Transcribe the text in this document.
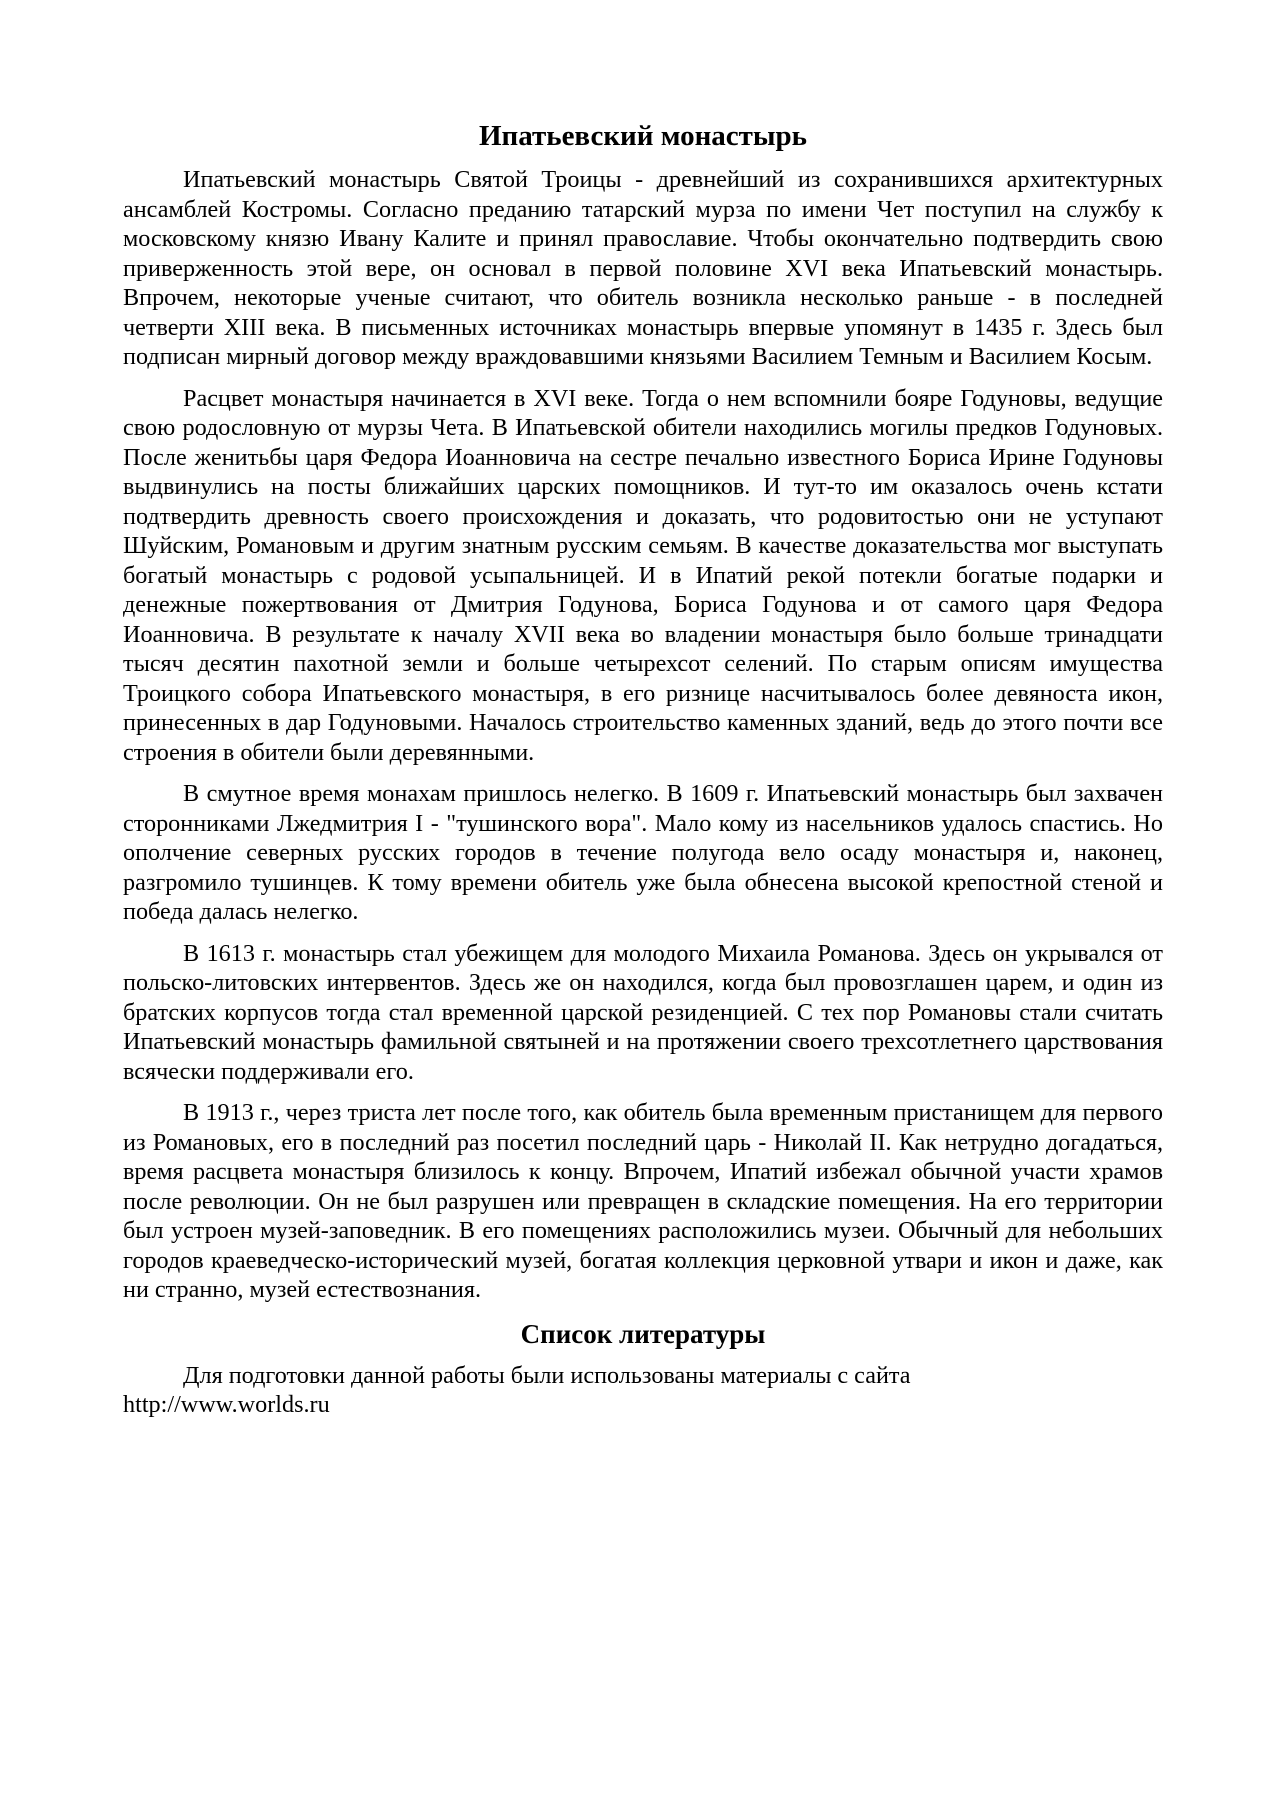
Ипатьевский монастырь

Ипатьевский монастырь Святой Троицы - древнейший из сохранившихся архитектурных ансамблей Костромы. Согласно преданию татарский мурза по имени Чет поступил на службу к московскому князю Ивану Калите и принял православие. Чтобы окончательно подтвердить свою приверженность этой вере, он основал в первой половине XVI века Ипатьевский монастырь. Впрочем, некоторые ученые считают, что обитель возникла несколько раньше - в последней четверти XIII века. В письменных источниках монастырь впервые упомянут в 1435 г. Здесь был подписан мирный договор между враждовавшими князьями Василием Темным и Василием Косым.

Расцвет монастыря начинается в XVI веке. Тогда о нем вспомнили бояре Годуновы, ведущие свою родословную от мурзы Чета. В Ипатьевской обители находились могилы предков Годуновых. После женитьбы царя Федора Иоанновича на сестре печально известного Бориса Ирине Годуновы выдвинулись на посты ближайших царских помощников. И тут-то им оказалось очень кстати подтвердить древность своего происхождения и доказать, что родовитостью они не уступают Шуйским, Романовым и другим знатным русским семьям. В качестве доказательства мог выступать богатый монастырь с родовой усыпальницей. И в Ипатий рекой потекли богатые подарки и денежные пожертвования от Дмитрия Годунова, Бориса Годунова и от самого царя Федора Иоанновича. В результате к началу XVII века во владении монастыря было больше тринадцати тысяч десятин пахотной земли и больше четырехсот селений. По старым описям имущества Троицкого собора Ипатьевского монастыря, в его ризнице насчитывалось более девяноста икон, принесенных в дар Годуновыми. Началось строительство каменных зданий, ведь до этого почти все строения в обители были деревянными.

В смутное время монахам пришлось нелегко. В 1609 г. Ипатьевский монастырь был захвачен сторонниками Лжедмитрия I - "тушинского вора". Мало кому из насельников удалось спастись. Но ополчение северных русских городов в течение полугода вело осаду монастыря и, наконец, разгромило тушинцев. К тому времени обитель уже была обнесена высокой крепостной стеной и победа далась нелегко.

В 1613 г. монастырь стал убежищем для молодого Михаила Романова. Здесь он укрывался от польско-литовских интервентов. Здесь же он находился, когда был провозглашен царем, и один из братских корпусов тогда стал временной царской резиденцией. С тех пор Романовы стали считать Ипатьевский монастырь фамильной святыней и на протяжении своего трехсотлетнего царствования всячески поддерживали его.

В 1913 г., через триста лет после того, как обитель была временным пристанищем для первого из Романовых, его в последний раз посетил последний царь - Николай II. Как нетрудно догадаться, время расцвета монастыря близилось к концу. Впрочем, Ипатий избежал обычной участи храмов после революции. Он не был разрушен или превращен в складские помещения. На его территории был устроен музей-заповедник. В его помещениях расположились музеи. Обычный для небольших городов краеведческо-исторический музей, богатая коллекция церковной утвари и икон и даже, как ни странно, музей естествознания.

Список литературы

Для подготовки данной работы были использованы материалы с сайта

http://www.worlds.ru
